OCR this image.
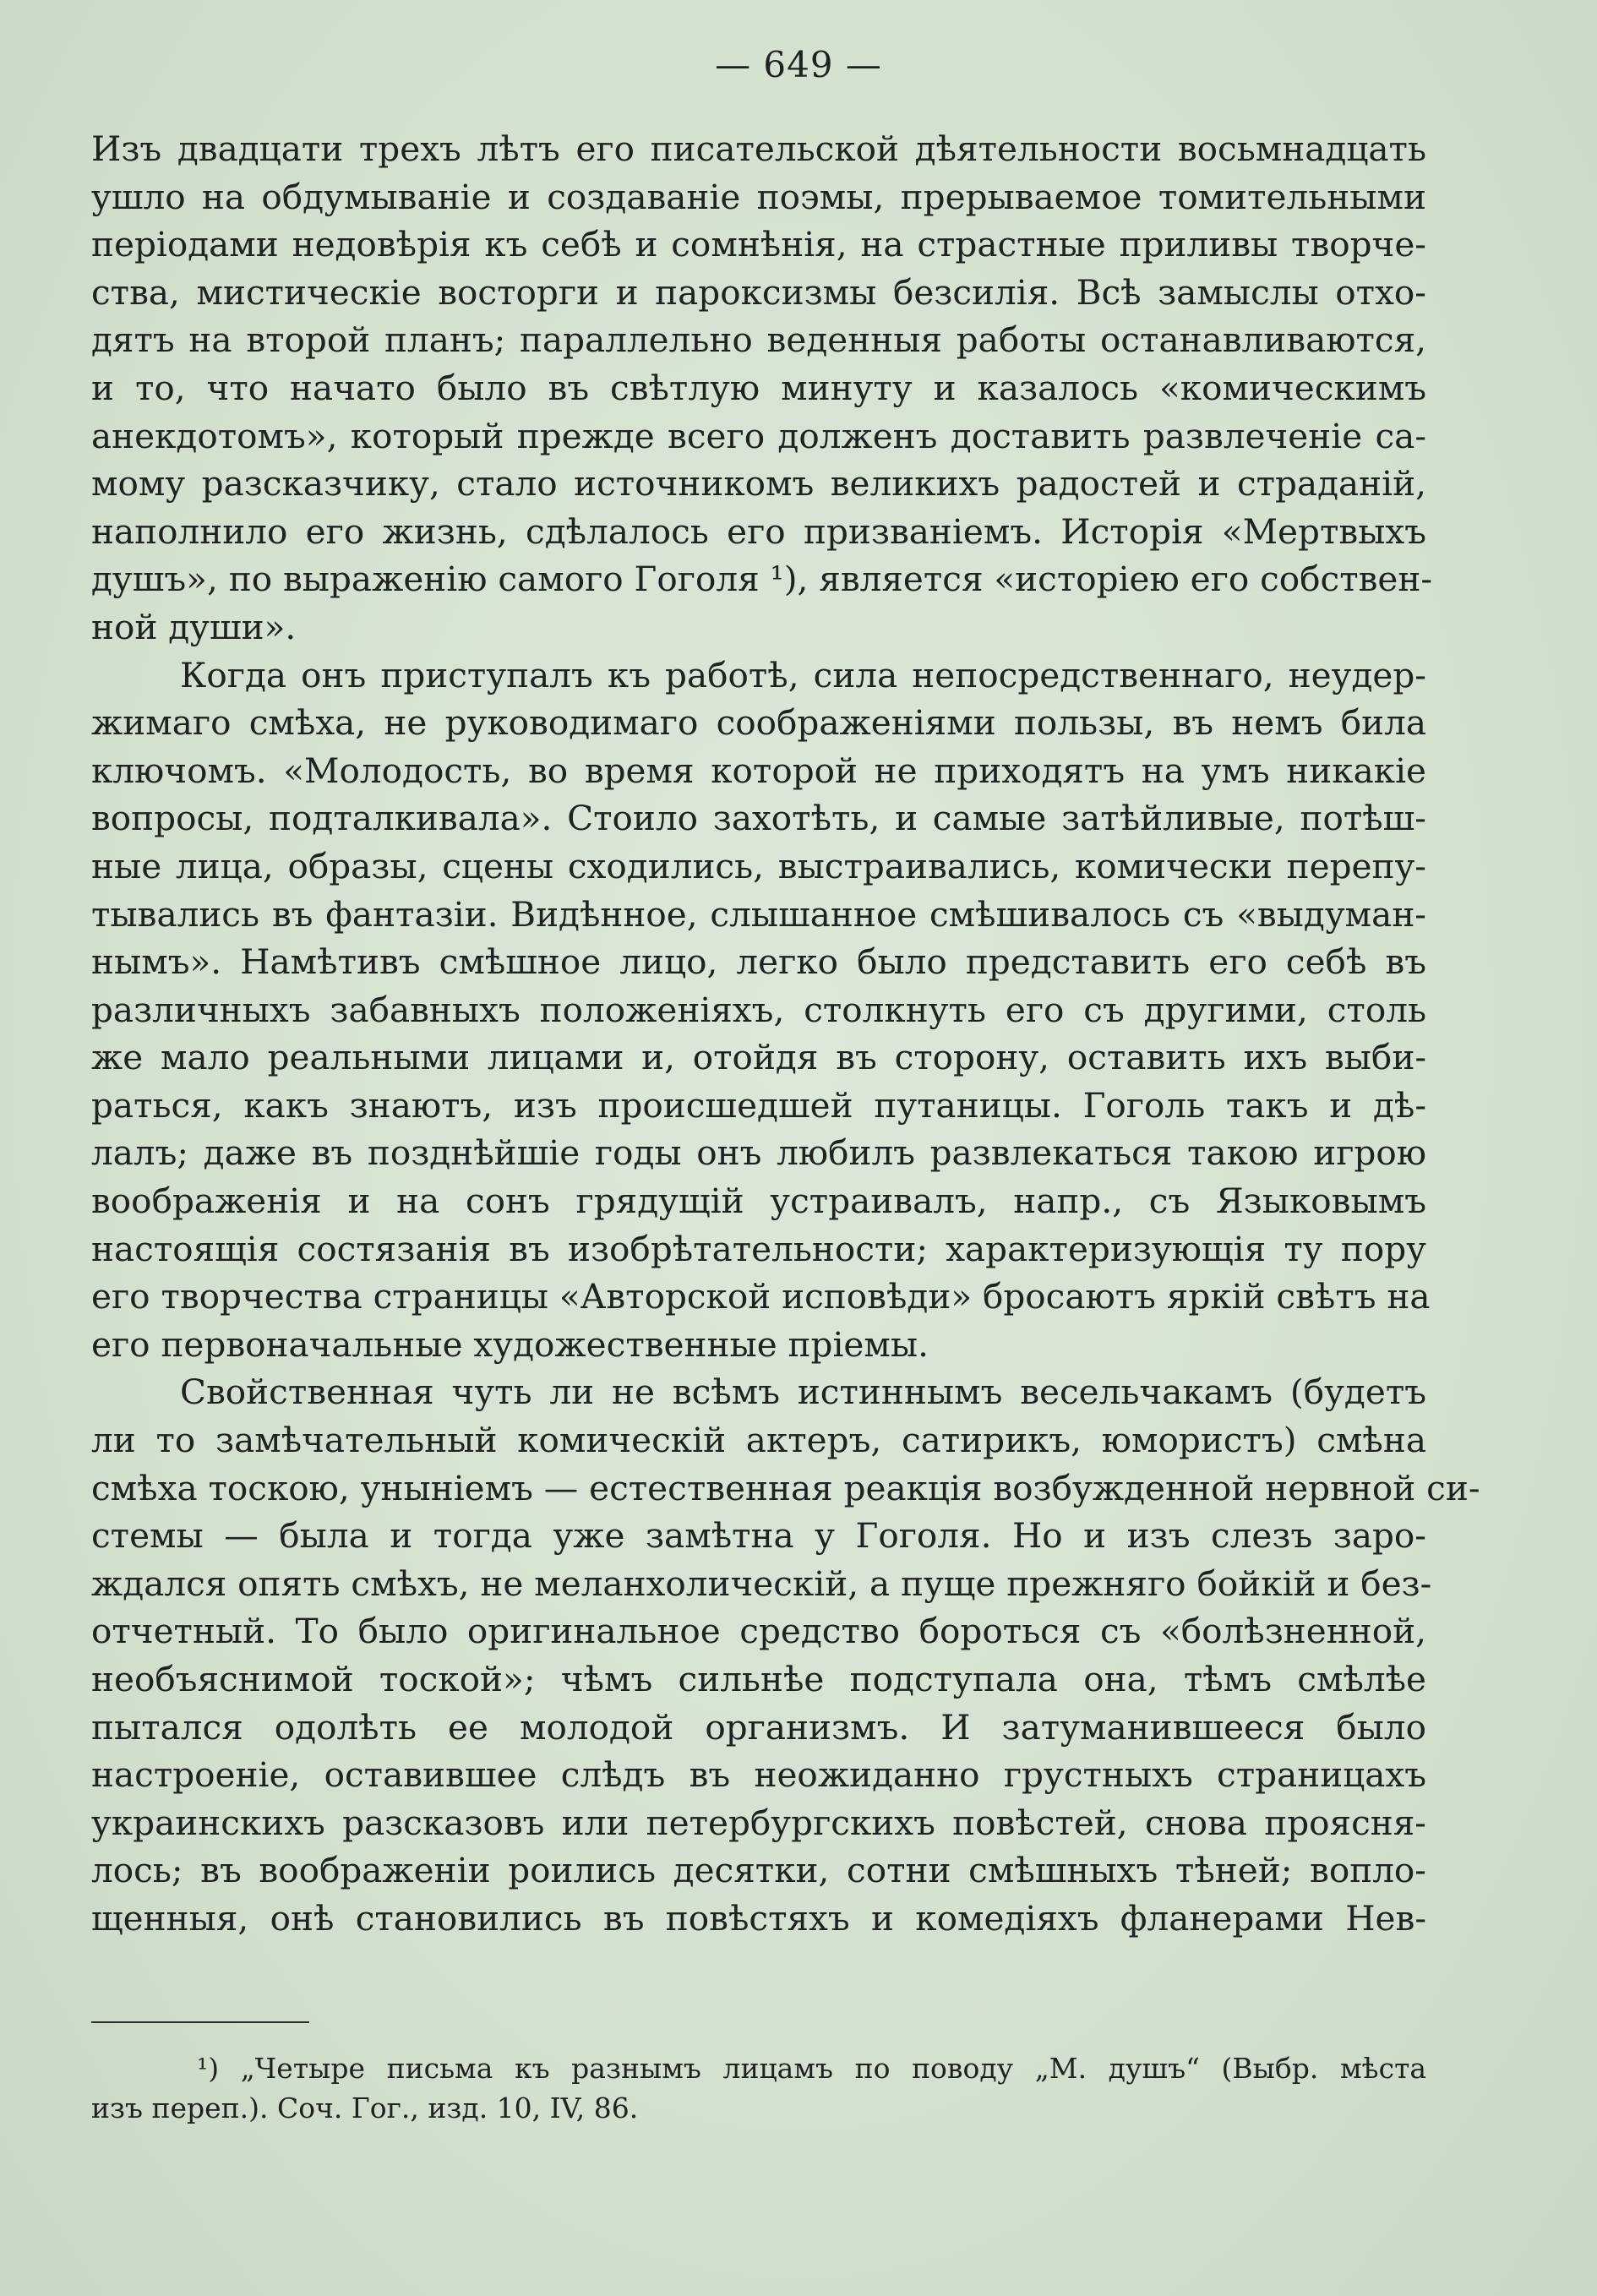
— 649 —
Изъ двадцати трехъ лѣтъ его писательской дѣятельности восьмнадцать
ушло на обдумываніе и создаваніе поэмы, прерываемое томительными
періодами недовѣрія къ себѣ и сомнѣнія, на страстные приливы творче-
ства, мистическіе восторги и пароксизмы безсилія. Всѣ замыслы отхо-
дятъ на второй планъ; параллельно веденныя работы останавливаются,
и то, что начато было въ свѣтлую минуту и казалось «комическимъ
анекдотомъ», который прежде всего долженъ доставить развлеченіе са-
мому разсказчику, стало источникомъ великихъ радостей и страданій,
наполнило его жизнь, сдѣлалось его призваніемъ. Исторія «Мертвыхъ
душъ», по выраженію самого Гоголя ¹), является «исторіею его собствен-
ной души».
Когда онъ приступалъ къ работѣ, сила непосредственнаго, неудер-
жимаго смѣха, не руководимаго соображеніями пользы, въ немъ била
ключомъ. «Молодость, во время которой не приходятъ на умъ никакіе
вопросы, подталкивала». Стоило захотѣть, и самые затѣйливые, потѣш-
ные лица, образы, сцены сходились, выстраивались, комически перепу-
тывались въ фантазіи. Видѣнное, слышанное смѣшивалось съ «выдуман-
нымъ». Намѣтивъ смѣшное лицо, легко было представить его себѣ въ
различныхъ забавныхъ положеніяхъ, столкнуть его съ другими, столь
же мало реальными лицами и, отойдя въ сторону, оставить ихъ выби-
раться, какъ знаютъ, изъ происшедшей путаницы. Гоголь такъ и дѣ-
лалъ; даже въ позднѣйшіе годы онъ любилъ развлекаться такою игрою
воображенія и на сонъ грядущій устраивалъ, напр., съ Языковымъ
настоящія состязанія въ изобрѣтательности; характеризующія ту пору
его творчества страницы «Авторской исповѣди» бросаютъ яркій свѣтъ на
его первоначальные художественные пріемы.
Свойственная чуть ли не всѣмъ истиннымъ весельчакамъ (будетъ
ли то замѣчательный комическій актеръ, сатирикъ, юмористъ) смѣна
смѣха тоскою, уныніемъ — естественная реакція возбужденной нервной си-
стемы — была и тогда уже замѣтна у Гоголя. Но и изъ слезъ заро-
ждался опять смѣхъ, не меланхолическій, а пуще прежняго бойкій и без-
отчетный. То было оригинальное средство бороться съ «болѣзненной,
необъяснимой тоской»; чѣмъ сильнѣе подступала она, тѣмъ смѣлѣе
пытался одолѣть ее молодой организмъ. И затуманившееся было
настроеніе, оставившее слѣдъ въ неожиданно грустныхъ страницахъ
украинскихъ разсказовъ или петербургскихъ повѣстей, снова проясня-
лось; въ воображеніи роились десятки, сотни смѣшныхъ тѣней; вопло-
щенныя, онѣ становились въ повѣстяхъ и комедіяхъ фланерами Нев-
¹) „Четыре письма къ разнымъ лицамъ по поводу „М. душъ“ (Выбр. мѣста
изъ переп.). Соч. Гог., изд. 10, IV, 86.
